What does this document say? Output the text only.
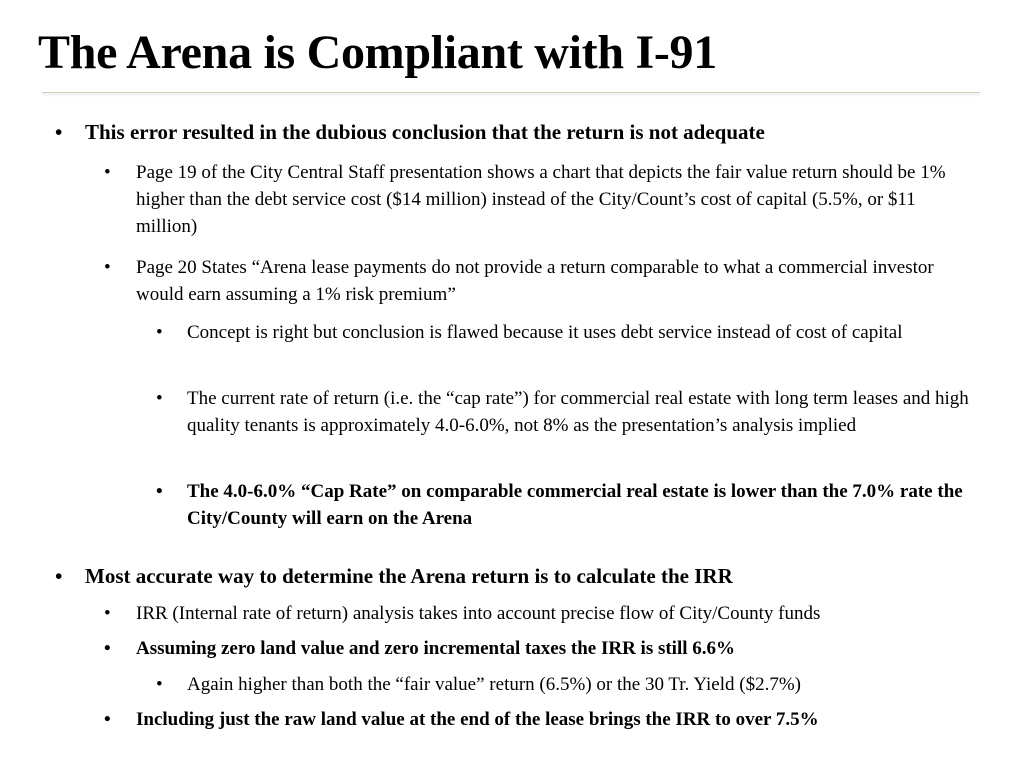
The Arena is Compliant with I-91

• This error resulted in the dubious conclusion that the return is not adequate

• Page 19 of the City Central Staff presentation shows a chart that depicts the fair value return should be 1% higher than the debt service cost ($14 million) instead of the City/Count’s cost of capital (5.5%, or $11 million)

• Page 20 States “Arena lease payments do not provide a return comparable to what a commercial investor would earn assuming a 1% risk premium”

• Concept is right but conclusion is flawed because it uses debt service instead of cost of capital

• The current rate of return (i.e. the “cap rate”) for commercial real estate with long term leases and high quality tenants is approximately 4.0-6.0%, not 8% as the presentation’s analysis implied

• The 4.0-6.0% “Cap Rate” on comparable commercial real estate is lower than the 7.0% rate the City/County will earn on the Arena

• Most accurate way to determine the Arena return is to calculate the IRR

• IRR (Internal rate of return) analysis takes into account precise flow of City/County funds

• Assuming zero land value and zero incremental taxes the IRR is still 6.6%

• Again higher than both the “fair value” return (6.5%) or the 30 Tr. Yield ($2.7%)

• Including just the raw land value at the end of the lease brings the IRR to over 7.5%
